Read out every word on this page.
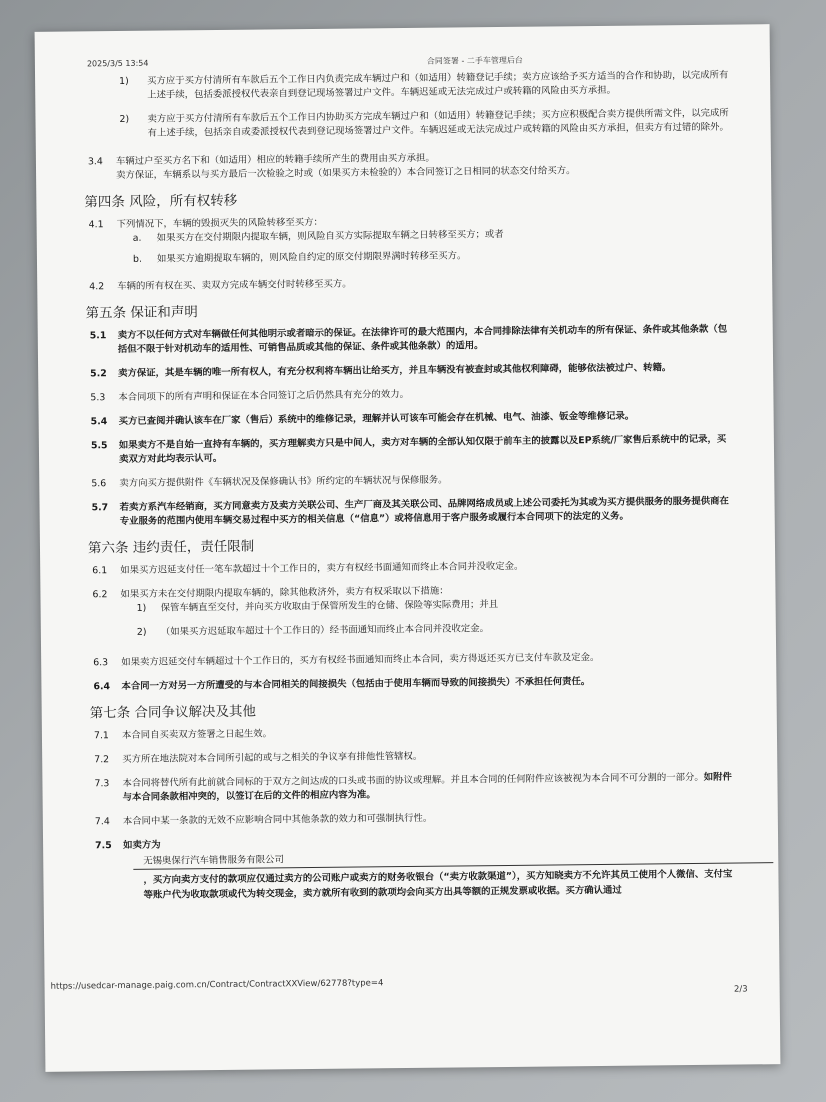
2025/3/5 13:54	合同签署 - 二手车管理后台
1) 买方应于买方付清所有车款后五个工作日内负责完成车辆过户和（如适用）转籍登记手续；卖方应该给予买方适当的合作和协助，以完成所有上述手续，包括委派授权代表亲自到登记现场签署过户文件。车辆迟延或无法完成过户或转籍的风险由买方承担。
2) 卖方应于买方付清所有车款后五个工作日内协助买方完成车辆过户和（如适用）转籍登记手续；买方应积极配合卖方提供所需文件，以完成所有上述手续，包括亲自或委派授权代表到登记现场签署过户文件。车辆迟延或无法完成过户或转籍的风险由买方承担，但卖方有过错的除外。
3.4 车辆过户至买方名下和（如适用）相应的转籍手续所产生的费用由买方承担。
卖方保证，车辆系以与买方最后一次检验之时或（如果买方未检验的）本合同签订之日相同的状态交付给买方。
第四条 风险，所有权转移
4.1 下列情况下，车辆的毁损灭失的风险转移至买方：
a. 如果买方在交付期限内提取车辆，则风险自买方实际提取车辆之日转移至买方；或者
b. 如果买方逾期提取车辆的，则风险自约定的原交付期限界满时转移至买方。
4.2 车辆的所有权在买、卖双方完成车辆交付时转移至买方。
第五条 保证和声明
5.1 卖方不以任何方式对车辆做任何其他明示或者暗示的保证。在法律许可的最大范围内，本合同排除法律有关机动车的所有保证、条件或其他条款（包括但不限于针对机动车的适用性、可销售品质或其他的保证、条件或其他条款）的适用。
5.2 卖方保证，其是车辆的唯一所有权人，有充分权利将车辆出让给买方，并且车辆没有被查封或其他权利障碍，能够依法被过户、转籍。
5.3 本合同项下的所有声明和保证在本合同签订之后仍然具有充分的效力。
5.4 买方已查阅并确认该车在厂家（售后）系统中的维修记录，理解并认可该车可能会存在机械、电气、油漆、钣金等维修记录。
5.5 如果卖方不是自始一直持有车辆的，买方理解卖方只是中间人，卖方对车辆的全部认知仅限于前车主的披露以及EP系统/厂家售后系统中的记录，买卖双方对此均表示认可。
5.6 卖方向买方提供附件《车辆状况及保修确认书》所约定的车辆状况与保修服务。
5.7 若卖方系汽车经销商，买方同意卖方及卖方关联公司、生产厂商及其关联公司、品牌网络成员或上述公司委托为其或为买方提供服务的服务提供商在专业服务的范围内使用车辆交易过程中买方的相关信息（“信息”）或将信息用于客户服务或履行本合同项下的法定的义务。
第六条 违约责任，责任限制
6.1 如果买方迟延支付任一笔车款超过十个工作日的，卖方有权经书面通知而终止本合同并没收定金。
6.2 如果买方未在交付期限内提取车辆的，除其他救济外，卖方有权采取以下措施：
1) 保管车辆直至交付，并向买方收取由于保管所发生的仓储、保险等实际费用；并且
2) （如果买方迟延取车超过十个工作日的）经书面通知而终止本合同并没收定金。
6.3 如果卖方迟延交付车辆超过十个工作日的，买方有权经书面通知而终止本合同，卖方得返还买方已支付车款及定金。
6.4 本合同一方对另一方所遭受的与本合同相关的间接损失（包括由于使用车辆而导致的间接损失）不承担任何责任。
第七条 合同争议解决及其他
7.1 本合同自买卖双方签署之日起生效。
7.2 买方所在地法院对本合同所引起的或与之相关的争议享有排他性管辖权。
7.3 本合同将替代所有此前就合同标的于双方之间达成的口头或书面的协议或理解。并且本合同的任何附件应该被视为本合同不可分割的一部分。如附件与本合同条款相冲突的，以签订在后的文件的相应内容为准。
7.4 本合同中某一条款的无效不应影响合同中其他条款的效力和可强制执行性。
7.5 如卖方为
无锡奥保行汽车销售服务有限公司
，买方向卖方支付的款项应仅通过卖方的公司账户或卖方的财务收银台（“卖方收款渠道”），买方知晓卖方不允许其员工使用个人微信、支付宝等账户代为收取款项或代为转交现金，卖方就所有收到的款项均会向买方出具等额的正规发票或收据。买方确认通过
https://usedcar-manage.paig.com.cn/Contract/ContractXXView/62778?type=4	2/3
